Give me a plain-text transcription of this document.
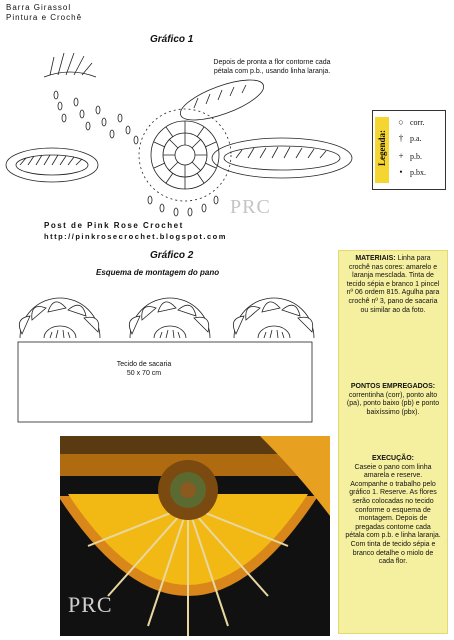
Barra Girassol
Pintura e Crochê
Gráfico 1
Depois de pronta a flor contorne cada pétala com p.b., usando linha laranja.
Legenda:
○ corr.
† p.a.
+ p.b.
• p.bx.
PRC
Post de Pink Rose Crochet
http://pinkrosecrochet.blogspot.com
Gráfico 2
Esquema de montagem do pano
Tecido de sacaria
50 x 70 cm
PRC
MATERIAIS: Linha para crochê nas cores: amarelo e laranja mesclada. Tinta de tecido sépia e branco 1 pincel nº 06 ordem 815. Agulha para crochê nº 3, pano de sacaria ou similar ao da foto.
PONTOS EMPREGADOS:
correntinha (corr), ponto alto (pa), ponto baixo (pb) e ponto baixíssimo (pbx).
EXECUÇÃO:
Caseie o pano com linha amarela e reserve. Acompanhe o trabalho pelo gráfico 1. Reserve. As flores serão colocadas no tecido conforme o esquema de montagem. Depois de pregadas contorne cada pétala com p.b. e linha laranja. Com tinta de tecido sépia e branco detalhe o miolo de cada flor.
